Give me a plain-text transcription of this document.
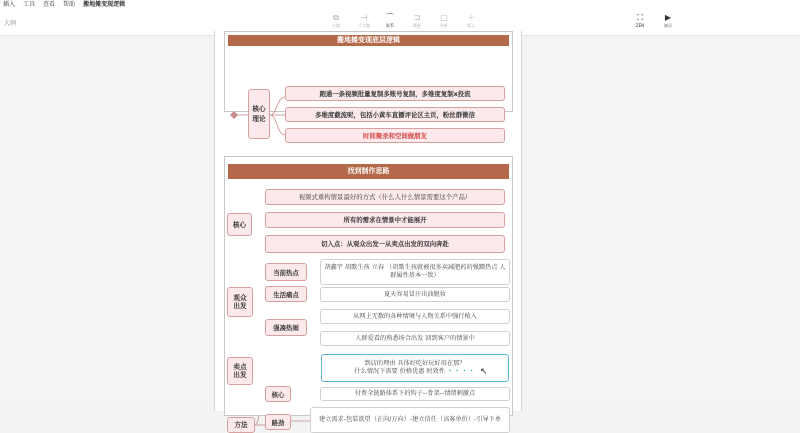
插入 工具 查看 帮助 搬地摊变现逻辑
大纲
⧉
主题
⊣
子主题
⌒
联系
⊐
概要
▢
外框
＋
插入
⛶
ZEN
▶
演示
搬地摊变现底层逻辑
核心理论
跑通一条视频批量复制多账号复制，多维度复制x投流
多维度截流呢，包括小黄车直播评论区主页，粉丝群微信
时间聚杀和空间做朋友
找到制作思路
核心
视频式重构情景最好的方式（什么人什么情景需要这个产品）
所有的需求在情景中才能展开
切入点：从观众出发一从卖点出发的双向奔赴
观众出发
当前热点
胡鑫宇 胡歌生孩 立春 （胡歌生孩就被很多卖减肥药的强蹭热点 人群属性基本一致）
生活痛点	夏天容易冒汗出油脱妆
强凑热闹
从网上无数的各种情境与人物关系中强行植入
人群爱看的熟悉场合出发 回到客户的情景中
卖点出发
到店的理由 具体好吃好玩好用在那？
什么情况下需要 价格优惠 时效性 ・・・・
核心	付费全链路体系下的钩子--骨架--情绪刺激点
路劲	建立需求-包装欲望（正向/方向）-建立信任（高客单价）-引导下单
方法
↖
